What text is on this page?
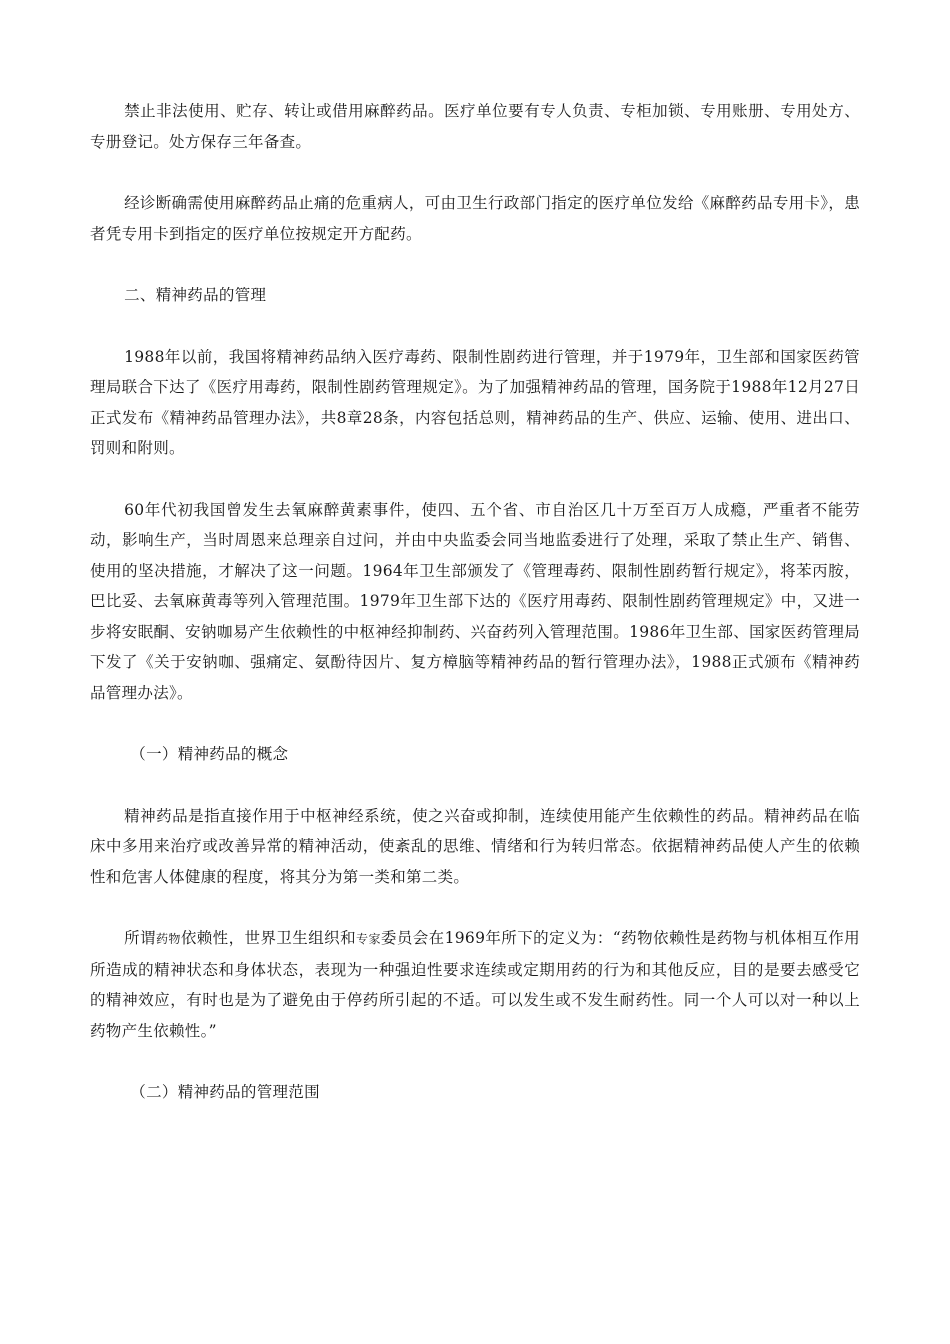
禁止非法使用、贮存、转让或借用麻醉药品。医疗单位要有专人负责、专柜加锁、专用账册、专用处方、专册登记。处方保存三年备查。

经诊断确需使用麻醉药品止痛的危重病人，可由卫生行政部门指定的医疗单位发给《麻醉药品专用卡》，患者凭专用卡到指定的医疗单位按规定开方配药。

二、精神药品的管理

1988年以前，我国将精神药品纳入医疗毒药、限制性剧药进行管理，并于1979年，卫生部和国家医药管理局联合下达了《医疗用毒药，限制性剧药管理规定》。为了加强精神药品的管理，国务院于1988年12月27日正式发布《精神药品管理办法》，共8章28条，内容包括总则，精神药品的生产、供应、运输、使用、进出口、罚则和附则。

60年代初我国曾发生去氧麻醉黄素事件，使四、五个省、市自治区几十万至百万人成瘾，严重者不能劳动，影响生产，当时周恩来总理亲自过问，并由中央监委会同当地监委进行了处理，采取了禁止生产、销售、使用的坚决措施，才解决了这一问题。1964年卫生部颁发了《管理毒药、限制性剧药暂行规定》，将苯丙胺，巴比妥、去氧麻黄毒等列入管理范围。1979年卫生部下达的《医疗用毒药、限制性剧药管理规定》中，又进一步将安眠酮、安钠咖易产生依赖性的中枢神经抑制药、兴奋药列入管理范围。1986年卫生部、国家医药管理局下发了《关于安钠咖、强痛定、氨酚待因片、复方樟脑等精神药品的暂行管理办法》，1988正式颁布《精神药品管理办法》。

（一）精神药品的概念

精神药品是指直接作用于中枢神经系统，使之兴奋或抑制，连续使用能产生依赖性的药品。精神药品在临床中多用来治疗或改善异常的精神活动，使紊乱的思维、情绪和行为转归常态。依据精神药品使人产生的依赖性和危害人体健康的程度，将其分为第一类和第二类。

所谓药物依赖性，世界卫生组织和专家委员会在1969年所下的定义为：“药物依赖性是药物与机体相互作用所造成的精神状态和身体状态，表现为一种强迫性要求连续或定期用药的行为和其他反应，目的是要去感受它的精神效应，有时也是为了避免由于停药所引起的不适。可以发生或不发生耐药性。同一个人可以对一种以上药物产生依赖性。”

（二）精神药品的管理范围
